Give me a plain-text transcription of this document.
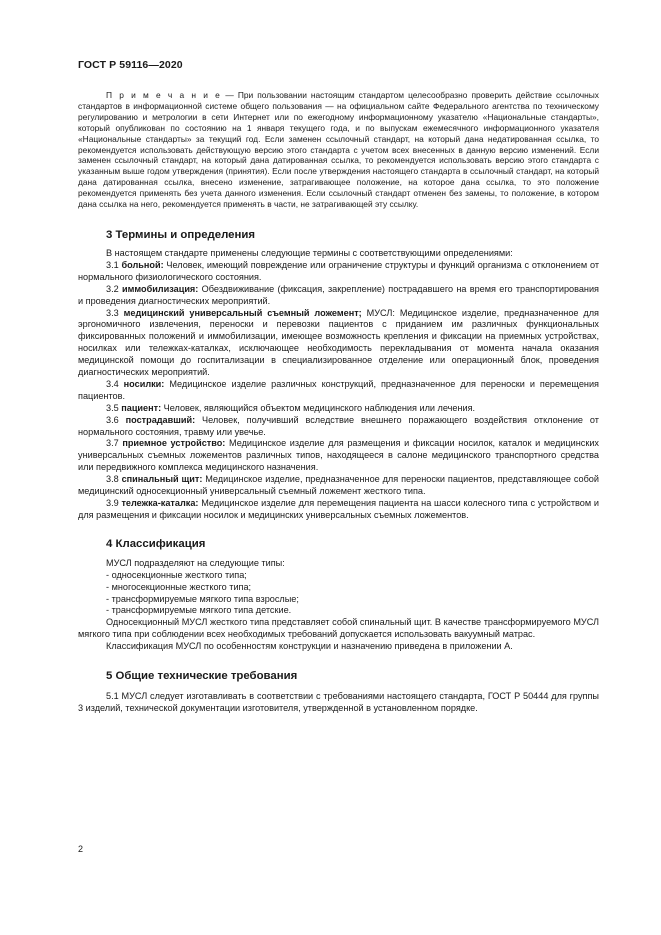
ГОСТ Р 59116—2020

П р и м е ч а н и е — При пользовании настоящим стандартом целесообразно проверить действие ссылочных стандартов в информационной системе общего пользования — на официальном сайте Федерального агентства по техническому регулированию и метрологии в сети Интернет или по ежегодному информационному указателю «Национальные стандарты», который опубликован по состоянию на 1 января текущего года, и по выпускам ежемесячного информационного указателя «Национальные стандарты» за текущий год. Если заменен ссылочный стандарт, на который дана недатированная ссылка, то рекомендуется использовать действующую версию этого стандарта с учетом всех внесенных в данную версию изменений. Если заменен ссылочный стандарт, на который дана датированная ссылка, то рекомендуется использовать версию этого стандарта с указанным выше годом утверждения (принятия). Если после утверждения настоящего стандарта в ссылочный стандарт, на который дана датированная ссылка, внесено изменение, затрагивающее положение, на которое дана ссылка, то это положение рекомендуется применять без учета данного изменения. Если ссылочный стандарт отменен без замены, то положение, в котором дана ссылка на него, рекомендуется применять в части, не затрагивающей эту ссылку.

3 Термины и определения

В настоящем стандарте применены следующие термины с соответствующими определениями:

3.1 больной: Человек, имеющий повреждение или ограничение структуры и функций организма с отклонением от нормального физиологического состояния.

3.2 иммобилизация: Обездвиживание (фиксация, закрепление) пострадавшего на время его транспортирования и проведения диагностических мероприятий.

3.3 медицинский универсальный съемный ложемент; МУСЛ: Медицинское изделие, предназначенное для эргономичного извлечения, переноски и перевозки пациентов с приданием им различных функциональных фиксированных положений и иммобилизации, имеющее возможность крепления и фиксации на приемных устройствах, носилках или тележках-каталках, исключающее необходимость перекладывания от момента начала оказания медицинской помощи до госпитализации в специализированное отделение или операционный блок, проведения диагностических мероприятий.

3.4 носилки: Медицинское изделие различных конструкций, предназначенное для переноски и перемещения пациентов.

3.5 пациент: Человек, являющийся объектом медицинского наблюдения или лечения.

3.6 пострадавший: Человек, получивший вследствие внешнего поражающего воздействия отклонение от нормального состояния, травму или увечье.

3.7 приемное устройство: Медицинское изделие для размещения и фиксации носилок, каталок и медицинских универсальных съемных ложементов различных типов, находящееся в салоне медицинского транспортного средства или передвижного комплекса медицинского назначения.

3.8 спинальный щит: Медицинское изделие, предназначенное для переноски пациентов, представляющее собой медицинский односекционный универсальный съемный ложемент жесткого типа.

3.9 тележка-каталка: Медицинское изделие для перемещения пациента на шасси колесного типа с устройством и для размещения и фиксации носилок и медицинских универсальных съемных ложементов.

4 Классификация

МУСЛ подразделяют на следующие типы:

- односекционные жесткого типа;

- многосекционные жесткого типа;

- трансформируемые мягкого типа взрослые;

- трансформируемые мягкого типа детские.

Односекционный МУСЛ жесткого типа представляет собой спинальный щит. В качестве трансформируемого МУСЛ мягкого типа при соблюдении всех необходимых требований допускается использовать вакуумный матрас.

Классификация МУСЛ по особенностям конструкции и назначению приведена в приложении А.

5 Общие технические требования

5.1 МУСЛ следует изготавливать в соответствии с требованиями настоящего стандарта, ГОСТ Р 50444 для группы 3 изделий, технической документации изготовителя, утвержденной в установленном порядке.

2
